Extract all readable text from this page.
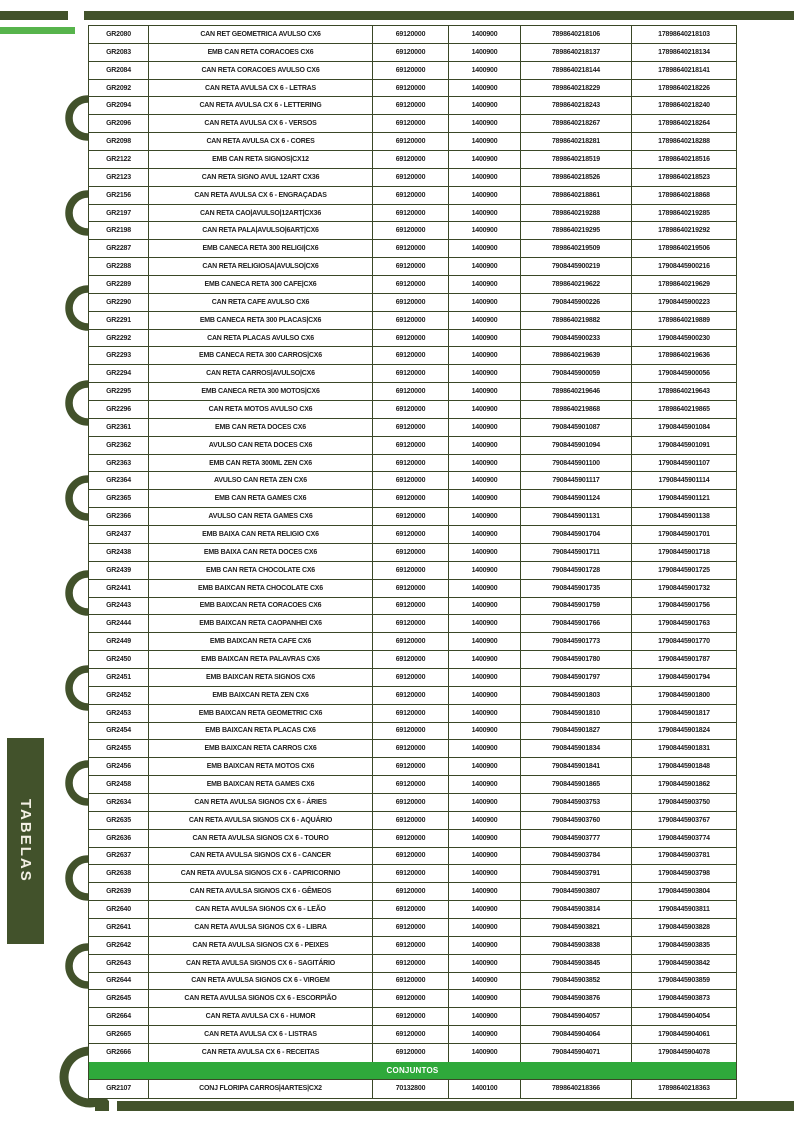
TABELAS
GR2080	CAN RET GEOMETRICA AVULSO CX6	69120000	1400900	7898640218106	17898640218103
GR2083	EMB CAN RETA CORACOES CX6	69120000	1400900	7898640218137	17898640218134
GR2084	CAN RETA CORACOES AVULSO CX6	69120000	1400900	7898640218144	17898640218141
GR2092	CAN RETA AVULSA CX 6 - LETRAS	69120000	1400900	7898640218229	17898640218226
GR2094	CAN RETA AVULSA CX 6 - LETTERING	69120000	1400900	7898640218243	17898640218240
GR2096	CAN RETA AVULSA CX 6 - VERSOS	69120000	1400900	7898640218267	17898640218264
GR2098	CAN RETA AVULSA CX 6 - CORES	69120000	1400900	7898640218281	17898640218288
GR2122	EMB CAN RETA SIGNOS|CX12	69120000	1400900	7898640218519	17898640218516
GR2123	CAN RETA SIGNO AVUL 12ART CX36	69120000	1400900	7898640218526	17898640218523
GR2156	CAN RETA AVULSA CX 6 - ENGRAÇADAS	69120000	1400900	7898640218861	17898640218868
GR2197	CAN RETA CAO|AVULSO|12ART|CX36	69120000	1400900	7898640219288	17898640219285
GR2198	CAN RETA PALA|AVULSO|6ART|CX6	69120000	1400900	7898640219295	17898640219292
GR2287	EMB CANECA RETA 300 RELIGI|CX6	69120000	1400900	7898640219509	17898640219506
GR2288	CAN RETA RELIGIOSA|AVULSO|CX6	69120000	1400900	7908445900219	17908445900216
GR2289	EMB CANECA RETA 300 CAFE|CX6	69120000	1400900	7898640219622	17898640219629
GR2290	CAN RETA CAFE AVULSO CX6	69120000	1400900	7908445900226	17908445900223
GR2291	EMB CANECA RETA 300 PLACAS|CX6	69120000	1400900	7898640219882	17898640219889
GR2292	CAN RETA PLACAS AVULSO CX6	69120000	1400900	7908445900233	17908445900230
GR2293	EMB CANECA RETA 300 CARROS|CX6	69120000	1400900	7898640219639	17898640219636
GR2294	CAN RETA CARROS|AVULSO|CX6	69120000	1400900	7908445900059	17908445900056
GR2295	EMB CANECA RETA 300 MOTOS|CX6	69120000	1400900	7898640219646	17898640219643
GR2296	CAN RETA MOTOS AVULSO CX6	69120000	1400900	7898640219868	17898640219865
GR2361	EMB CAN RETA DOCES CX6	69120000	1400900	7908445901087	17908445901084
GR2362	AVULSO CAN RETA DOCES CX6	69120000	1400900	7908445901094	17908445901091
GR2363	EMB CAN RETA 300ML ZEN CX6	69120000	1400900	7908445901100	17908445901107
GR2364	AVULSO CAN RETA ZEN CX6	69120000	1400900	7908445901117	17908445901114
GR2365	EMB CAN RETA GAMES CX6	69120000	1400900	7908445901124	17908445901121
GR2366	AVULSO CAN RETA GAMES CX6	69120000	1400900	7908445901131	17908445901138
GR2437	EMB BAIXA CAN RETA RELIGIO CX6	69120000	1400900	7908445901704	17908445901701
GR2438	EMB BAIXA CAN RETA DOCES CX6	69120000	1400900	7908445901711	17908445901718
GR2439	EMB CAN RETA CHOCOLATE CX6	69120000	1400900	7908445901728	17908445901725
GR2441	EMB BAIXCAN RETA CHOCOLATE CX6	69120000	1400900	7908445901735	17908445901732
GR2443	EMB BAIXCAN RETA CORACOES CX6	69120000	1400900	7908445901759	17908445901756
GR2444	EMB BAIXCAN RETA CAOPANHEI CX6	69120000	1400900	7908445901766	17908445901763
GR2449	EMB BAIXCAN RETA CAFE CX6	69120000	1400900	7908445901773	17908445901770
GR2450	EMB BAIXCAN RETA PALAVRAS CX6	69120000	1400900	7908445901780	17908445901787
GR2451	EMB BAIXCAN RETA SIGNOS CX6	69120000	1400900	7908445901797	17908445901794
GR2452	EMB BAIXCAN RETA ZEN CX6	69120000	1400900	7908445901803	17908445901800
GR2453	EMB BAIXCAN RETA GEOMETRIC CX6	69120000	1400900	7908445901810	17908445901817
GR2454	EMB BAIXCAN RETA PLACAS CX6	69120000	1400900	7908445901827	17908445901824
GR2455	EMB BAIXCAN RETA CARROS CX6	69120000	1400900	7908445901834	17908445901831
GR2456	EMB BAIXCAN RETA MOTOS CX6	69120000	1400900	7908445901841	17908445901848
GR2458	EMB BAIXCAN RETA GAMES CX6	69120000	1400900	7908445901865	17908445901862
GR2634	CAN RETA AVULSA SIGNOS CX 6 - ÁRIES	69120000	1400900	7908445903753	17908445903750
GR2635	CAN RETA AVULSA SIGNOS CX 6 - AQUÁRIO	69120000	1400900	7908445903760	17908445903767
GR2636	CAN RETA AVULSA SIGNOS CX 6 - TOURO	69120000	1400900	7908445903777	17908445903774
GR2637	CAN RETA AVULSA SIGNOS CX 6 - CANCER	69120000	1400900	7908445903784	17908445903781
GR2638	CAN RETA AVULSA SIGNOS CX 6 - CAPRICORNIO	69120000	1400900	7908445903791	17908445903798
GR2639	CAN RETA AVULSA SIGNOS CX 6 - GÊMEOS	69120000	1400900	7908445903807	17908445903804
GR2640	CAN RETA AVULSA SIGNOS CX 6 - LEÃO	69120000	1400900	7908445903814	17908445903811
GR2641	CAN RETA AVULSA SIGNOS CX 6 - LIBRA	69120000	1400900	7908445903821	17908445903828
GR2642	CAN RETA AVULSA SIGNOS CX 6 - PEIXES	69120000	1400900	7908445903838	17908445903835
GR2643	CAN RETA AVULSA SIGNOS CX 6 - SAGITÁRIO	69120000	1400900	7908445903845	17908445903842
GR2644	CAN RETA AVULSA SIGNOS CX 6 - VIRGEM	69120000	1400900	7908445903852	17908445903859
GR2645	CAN RETA AVULSA SIGNOS CX 6 - ESCORPIÃO	69120000	1400900	7908445903876	17908445903873
GR2664	CAN RETA AVULSA CX 6 - HUMOR	69120000	1400900	7908445904057	17908445904054
GR2665	CAN RETA AVULSA CX 6 - LISTRAS	69120000	1400900	7908445904064	17908445904061
GR2666	CAN RETA AVULSA CX 6 - RECEITAS	69120000	1400900	7908445904071	17908445904078
CONJUNTOS
GR2107	CONJ FLORIPA CARROS|4ARTES|CX2	70132800	1400100	7898640218366	17898640218363
